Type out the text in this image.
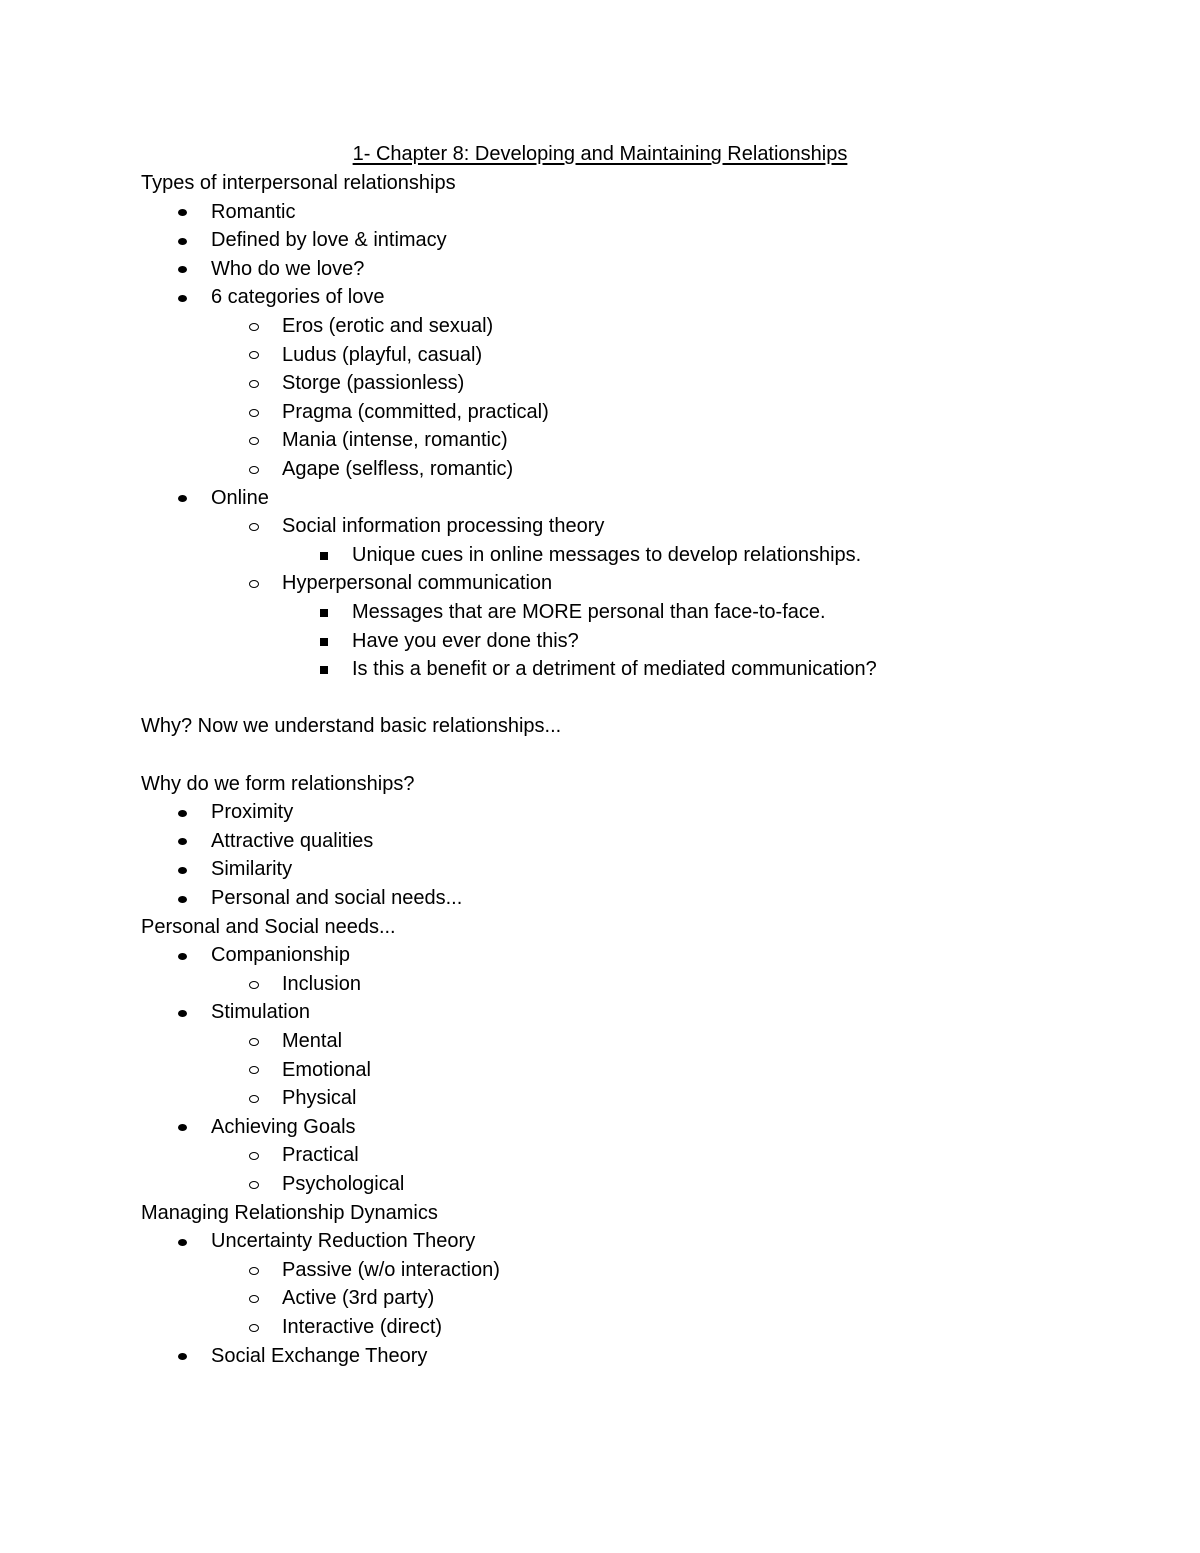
1- Chapter 8: Developing and Maintaining Relationships
Types of interpersonal relationships
Romantic
Defined by love & intimacy
Who do we love?
6 categories of love
Eros (erotic and sexual)
Ludus (playful, casual)
Storge (passionless)
Pragma (committed, practical)
Mania (intense, romantic)
Agape (selfless, romantic)
Online
Social information processing theory
Unique cues in online messages to develop relationships.
Hyperpersonal communication
Messages that are MORE personal than face-to-face.
Have you ever done this?
Is this a benefit or a detriment of mediated communication?
Why? Now we understand basic relationships...
Why do we form relationships?
Proximity
Attractive qualities
Similarity
Personal and social needs...
Personal and Social needs...
Companionship
Inclusion
Stimulation
Mental
Emotional
Physical
Achieving Goals
Practical
Psychological
Managing Relationship Dynamics
Uncertainty Reduction Theory
Passive (w/o interaction)
Active (3rd party)
Interactive (direct)
Social Exchange Theory
